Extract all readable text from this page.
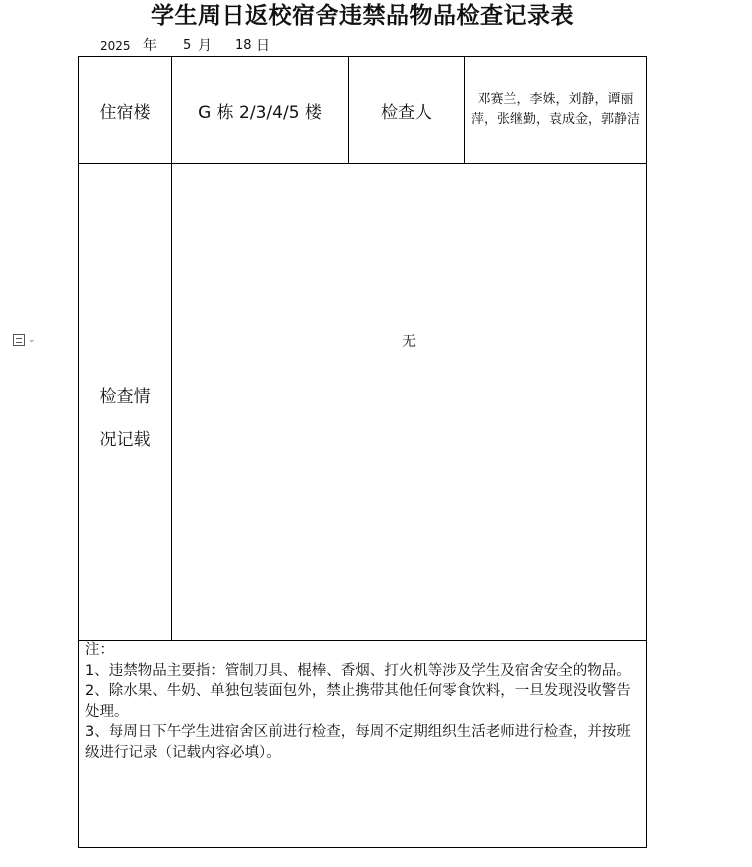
学生周日返校宿舍违禁品物品检查记录表
2025 年 5 月 18 日
⌄
住宿楼	G 栋 2/3/4/5 楼	检查人
邓赛兰，李姝，刘静，谭丽萍，张继勤，袁成金，郭静洁
检查情
况记载
无

注：

1、违禁物品主要指：管制刀具、棍棒、香烟、打火机等涉及学生及宿舍安全的物品。

2、除水果、牛奶、单独包装面包外，禁止携带其他任何零食饮料，一旦发现没收警告处理。

3、每周日下午学生进宿舍区前进行检查，每周不定期组织生活老师进行检查，并按班级进行记录（记载内容必填）。
